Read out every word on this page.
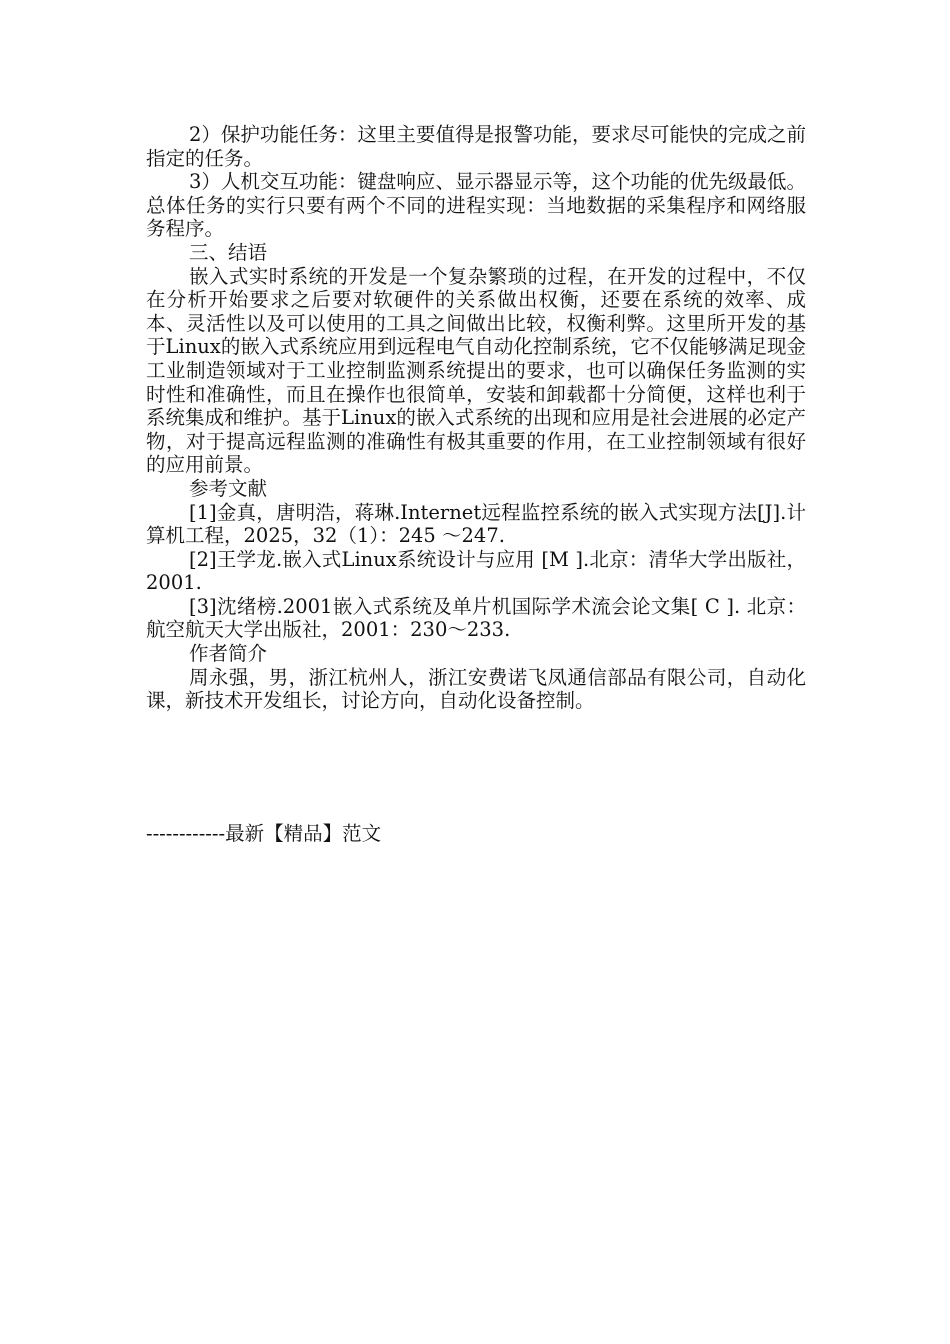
2）保护功能任务：这里主要值得是报警功能，要求尽可能快的完成之前指定的任务。

3）人机交互功能：键盘响应、显示器显示等，这个功能的优先级最低。总体任务的实行只要有两个不同的进程实现：当地数据的采集程序和网络服务程序。

三、结语

嵌入式实时系统的开发是一个复杂繁琐的过程，在开发的过程中，不仅在分析开始要求之后要对软硬件的关系做出权衡，还要在系统的效率、成本、灵活性以及可以使用的工具之间做出比较，权衡利弊。这里所开发的基于Linux的嵌入式系统应用到远程电气自动化控制系统，它不仅能够满足现金工业制造领域对于工业控制监测系统提出的要求，也可以确保任务监测的实时性和准确性，而且在操作也很简单，安装和卸载都十分简便，这样也利于系统集成和维护。基于Linux的嵌入式系统的出现和应用是社会进展的必定产物，对于提高远程监测的准确性有极其重要的作用，在工业控制领域有很好的应用前景。

参考文献

[1]金真，唐明浩，蒋琳.Internet远程监控系统的嵌入式实现方法[J].计算机工程，2025，32（1）：245 ～247.

[2]王学龙.嵌入式Linux系统设计与应用 [M ].北京：清华大学出版社，2001.

[3]沈绪榜.2001嵌入式系统及单片机国际学术流会论文集[ C ]. 北京：航空航天大学出版社，2001：230～233.

作者简介

周永强，男，浙江杭州人，浙江安费诺飞凤通信部品有限公司，自动化课，新技术开发组长，讨论方向，自动化设备控制。

------------最新【精品】范文
